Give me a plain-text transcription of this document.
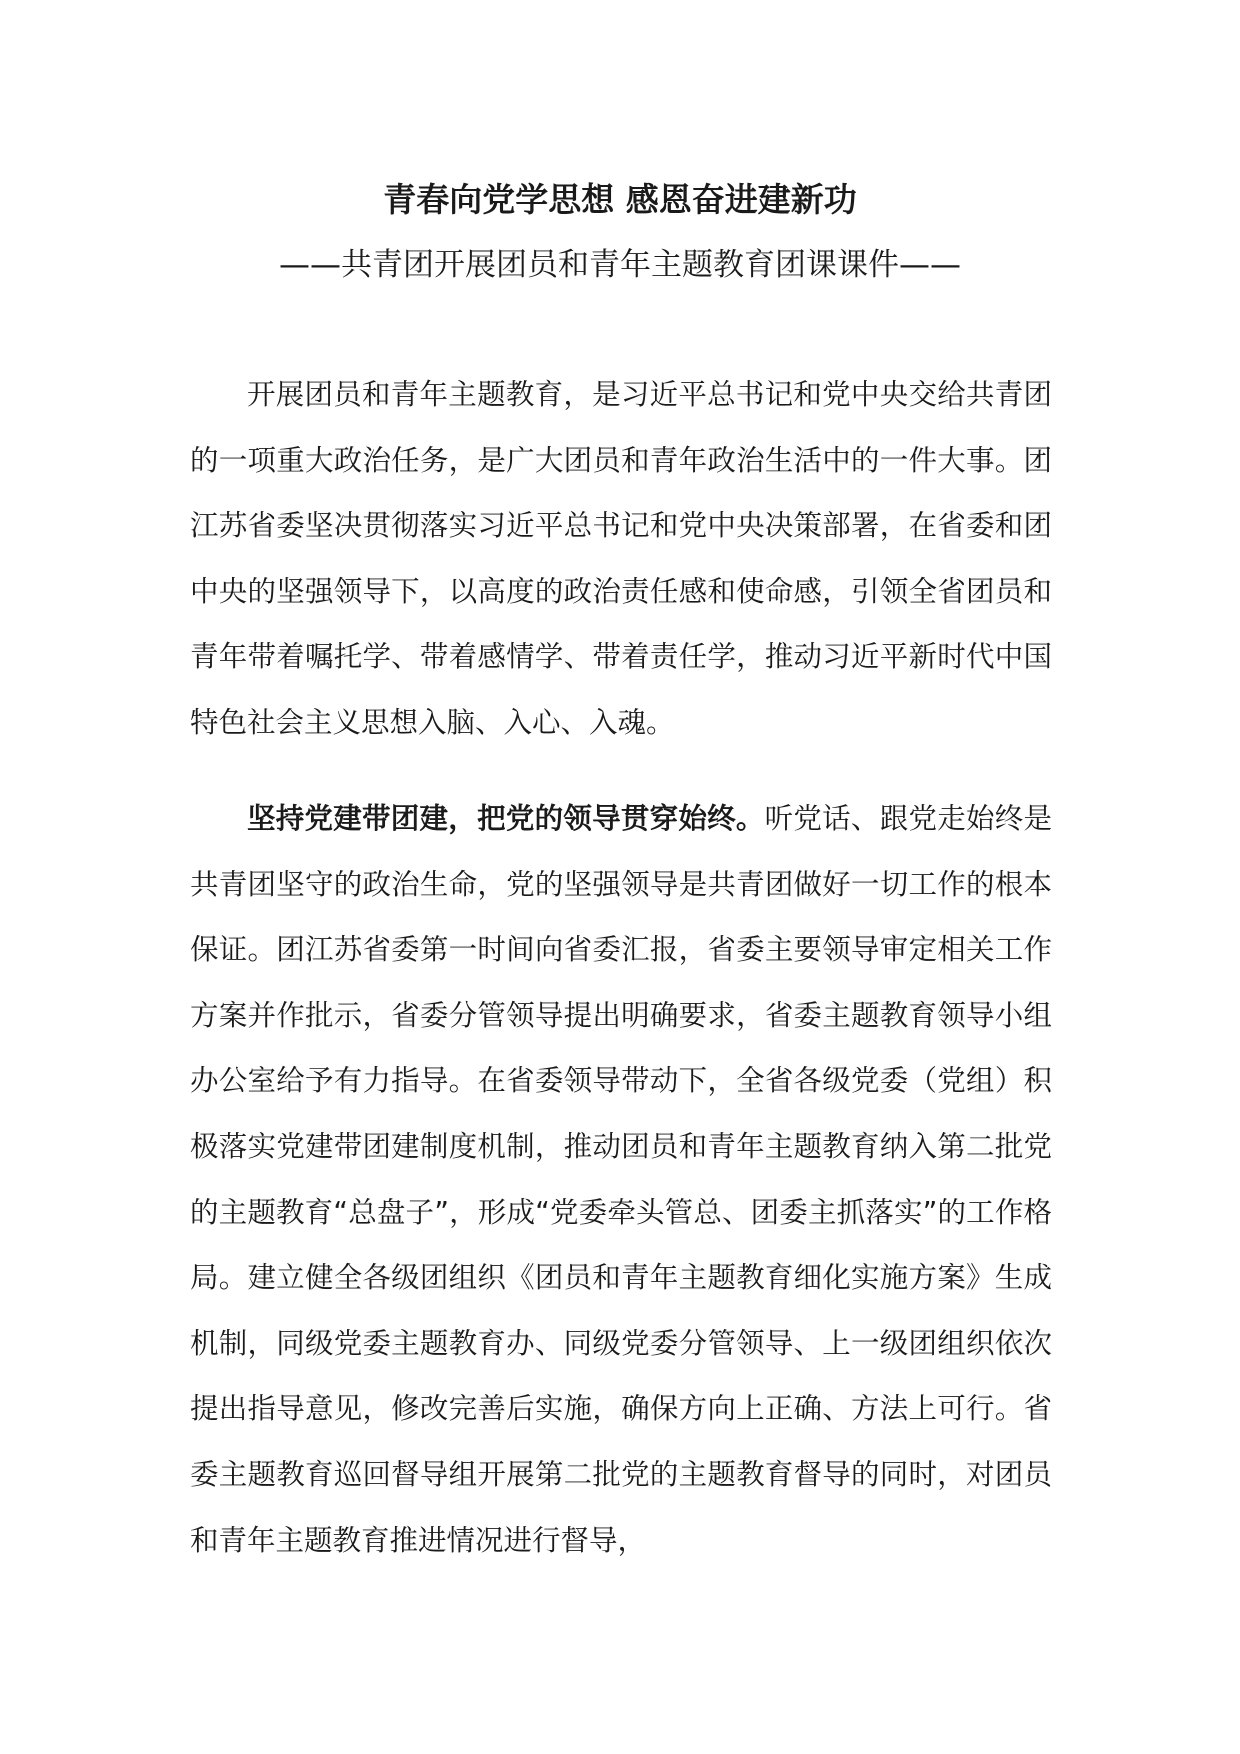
青春向党学思想 感恩奋进建新功
——共青团开展团员和青年主题教育团课课件——

开展团员和青年主题教育，是习近平总书记和党中央交给共青团的一项重大政治任务，是广大团员和青年政治生活中的一件大事。团江苏省委坚决贯彻落实习近平总书记和党中央决策部署，在省委和团中央的坚强领导下，以高度的政治责任感和使命感，引领全省团员和青年带着嘱托学、带着感情学、带着责任学，推动习近平新时代中国特色社会主义思想入脑、入心、入魂。

坚持党建带团建，把党的领导贯穿始终。听党话、跟党走始终是共青团坚守的政治生命，党的坚强领导是共青团做好一切工作的根本保证。团江苏省委第一时间向省委汇报，省委主要领导审定相关工作方案并作批示，省委分管领导提出明确要求，省委主题教育领导小组办公室给予有力指导。在省委领导带动下，全省各级党委（党组）积极落实党建带团建制度机制，推动团员和青年主题教育纳入第二批党的主题教育“总盘子”，形成“党委牵头管总、团委主抓落实”的工作格局。建立健全各级团组织《团员和青年主题教育细化实施方案》生成机制，同级党委主题教育办、同级党委分管领导、上一级团组织依次提出指导意见，修改完善后实施，确保方向上正确、方法上可行。省委主题教育巡回督导组开展第二批党的主题教育督导的同时，对团员和青年主题教育推进情况进行督导，
